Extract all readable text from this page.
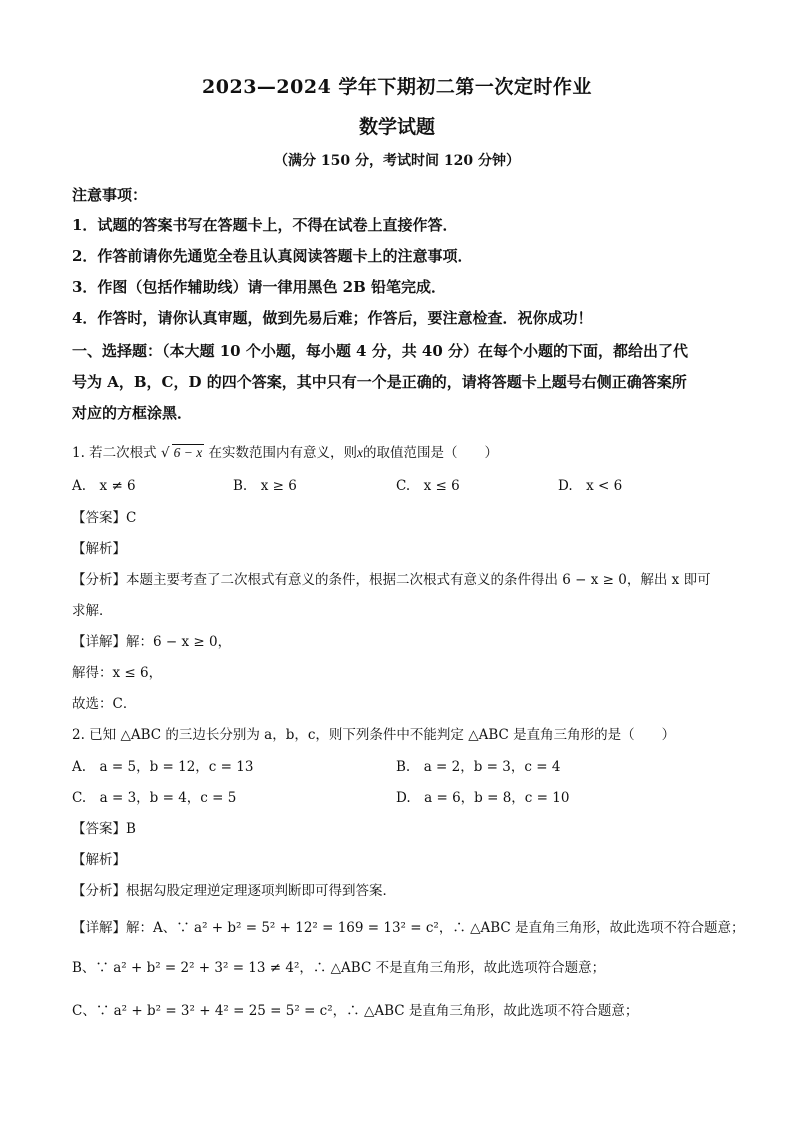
2023—2024 学年下期初二第一次定时作业
数学试题
（满分 150 分，考试时间 120 分钟）
注意事项：
1．试题的答案书写在答题卡上，不得在试卷上直接作答．
2．作答前请你先通览全卷且认真阅读答题卡上的注意事项．
3．作图（包括作辅助线）请一律用黑色 2B 铅笔完成．
4．作答时，请你认真审题，做到先易后难；作答后，要注意检查．祝你成功！
一、选择题：（本大题 10 个小题，每小题 4 分，共 40 分）在每个小题的下面，都给出了代
号为 A，B，C，D 的四个答案，其中只有一个是正确的，请将答题卡上题号右侧正确答案所
对应的方框涂黑．
1. 若二次根式 √ 6 − x 在实数范围内有意义，则x的取值范围是（　　）
A.　x ≠ 6	B.　x ≥ 6	C.　x ≤ 6	D.　x < 6
【答案】C
【解析】
【分析】本题主要考查了二次根式有意义的条件，根据二次根式有意义的条件得出 6 − x ≥ 0，解出 x 即可
求解．
【详解】解：6 − x ≥ 0，
解得：x ≤ 6，
故选：C．
2. 已知 △ABC 的三边长分别为 a，b，c，则下列条件中不能判定 △ABC 是直角三角形的是（　　）
A.　a = 5，b = 12，c = 13	B.　a = 2，b = 3，c = 4
C.　a = 3，b = 4，c = 5	D.　a = 6，b = 8，c = 10
【答案】B
【解析】
【分析】根据勾股定理逆定理逐项判断即可得到答案．
【详解】解：A、∵ a² + b² = 5² + 12² = 169 = 13² = c²，∴ △ABC 是直角三角形，故此选项不符合题意；
B、∵ a² + b² = 2² + 3² = 13 ≠ 4²，∴ △ABC 不是直角三角形，故此选项符合题意；
C、∵ a² + b² = 3² + 4² = 25 = 5² = c²，∴ △ABC 是直角三角形，故此选项不符合题意；
